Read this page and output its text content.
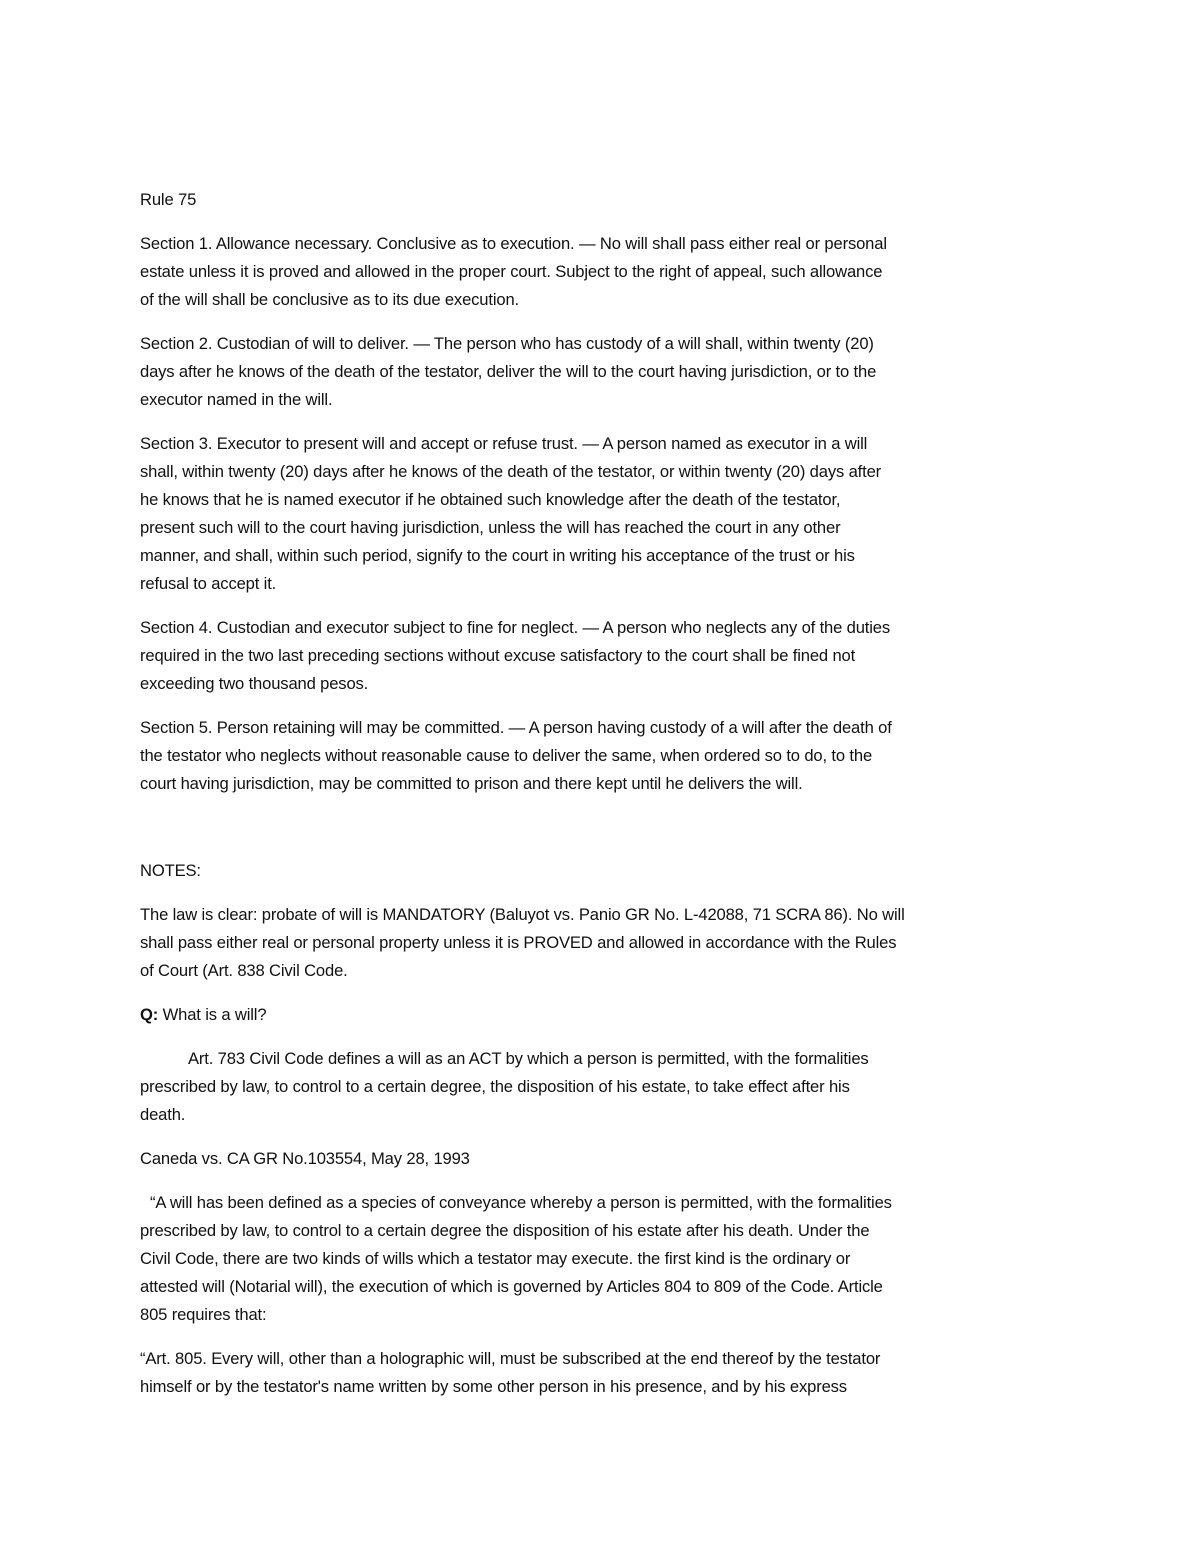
Rule 75
Section 1. Allowance necessary. Conclusive as to execution. — No will shall pass either real or personal
estate unless it is proved and allowed in the proper court. Subject to the right of appeal, such allowance
of the will shall be conclusive as to its due execution.
Section 2. Custodian of will to deliver. — The person who has custody of a will shall, within twenty (20)
days after he knows of the death of the testator, deliver the will to the court having jurisdiction, or to the
executor named in the will.
Section 3. Executor to present will and accept or refuse trust. — A person named as executor in a will
shall, within twenty (20) days after he knows of the death of the testator, or within twenty (20) days after
he knows that he is named executor if he obtained such knowledge after the death of the testator,
present such will to the court having jurisdiction, unless the will has reached the court in any other
manner, and shall, within such period, signify to the court in writing his acceptance of the trust or his
refusal to accept it.
Section 4. Custodian and executor subject to fine for neglect. — A person who neglects any of the duties
required in the two last preceding sections without excuse satisfactory to the court shall be fined not
exceeding two thousand pesos.
Section 5. Person retaining will may be committed. — A person having custody of a will after the death of
the testator who neglects without reasonable cause to deliver the same, when ordered so to do, to the
court having jurisdiction, may be committed to prison and there kept until he delivers the will.
NOTES:
The law is clear: probate of will is MANDATORY (Baluyot vs. Panio GR No. L-42088, 71 SCRA 86). No will
shall pass either real or personal property unless it is PROVED and allowed in accordance with the Rules
of Court (Art. 838 Civil Code.
Q: What is a will?
Art. 783 Civil Code defines a will as an ACT by which a person is permitted, with the formalities
prescribed by law, to control to a certain degree, the disposition of his estate, to take effect after his
death.
Caneda vs. CA GR No.103554, May 28, 1993
“A will has been defined as a species of conveyance whereby a person is permitted, with the formalities
prescribed by law, to control to a certain degree the disposition of his estate after his death. Under the
Civil Code, there are two kinds of wills which a testator may execute. the first kind is the ordinary or
attested will (Notarial will), the execution of which is governed by Articles 804 to 809 of the Code. Article
805 requires that:
“Art. 805. Every will, other than a holographic will, must be subscribed at the end thereof by the testator
himself or by the testator's name written by some other person in his presence, and by his express
